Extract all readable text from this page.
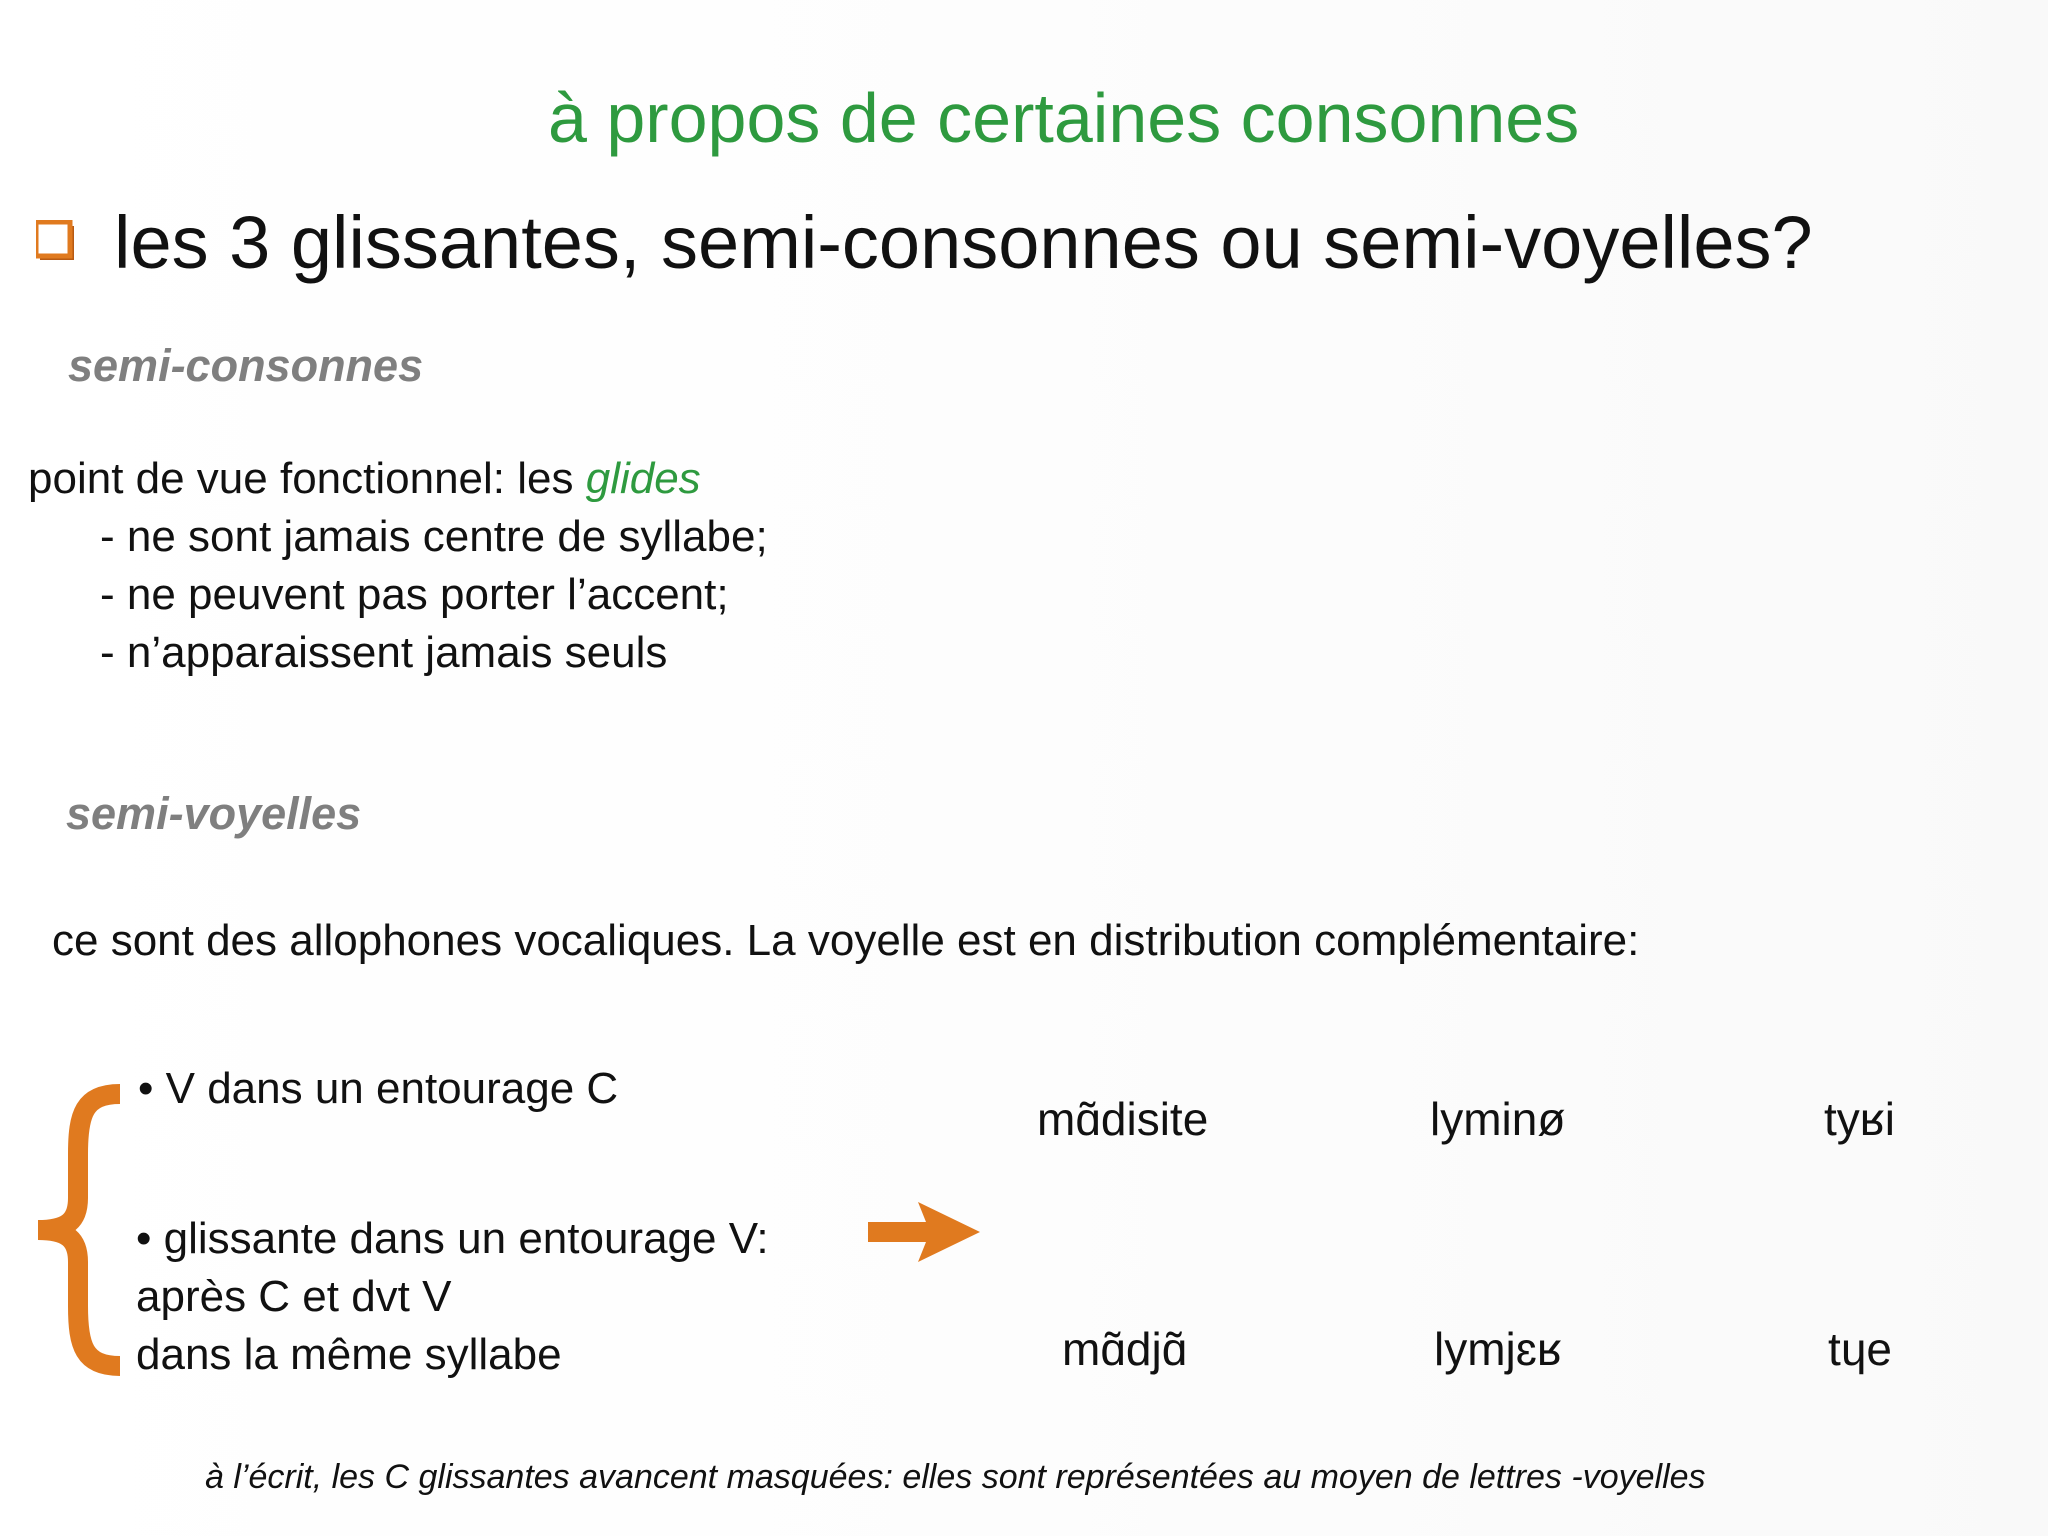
à propos de certaines consonnes
les 3 glissantes, semi-consonnes ou semi-voyelles?
semi-consonnes
point de vue fonctionnel: les glides
- ne sont jamais centre de syllabe;
- ne peuvent pas porter l’accent;
- n’apparaissent jamais seuls
semi-voyelles
ce sont des allophones vocaliques. La voyelle est en distribution complémentaire:
• V dans un entourage C
• glissante dans un entourage V:
après C et dvt V
dans la même syllabe
mɑ̃disite	lyminø	tyʁi
mɑ̃djɑ̃	lymjɛʁ	tɥe
à l’écrit, les C glissantes avancent masquées: elles sont représentées au moyen de lettres -voyelles
